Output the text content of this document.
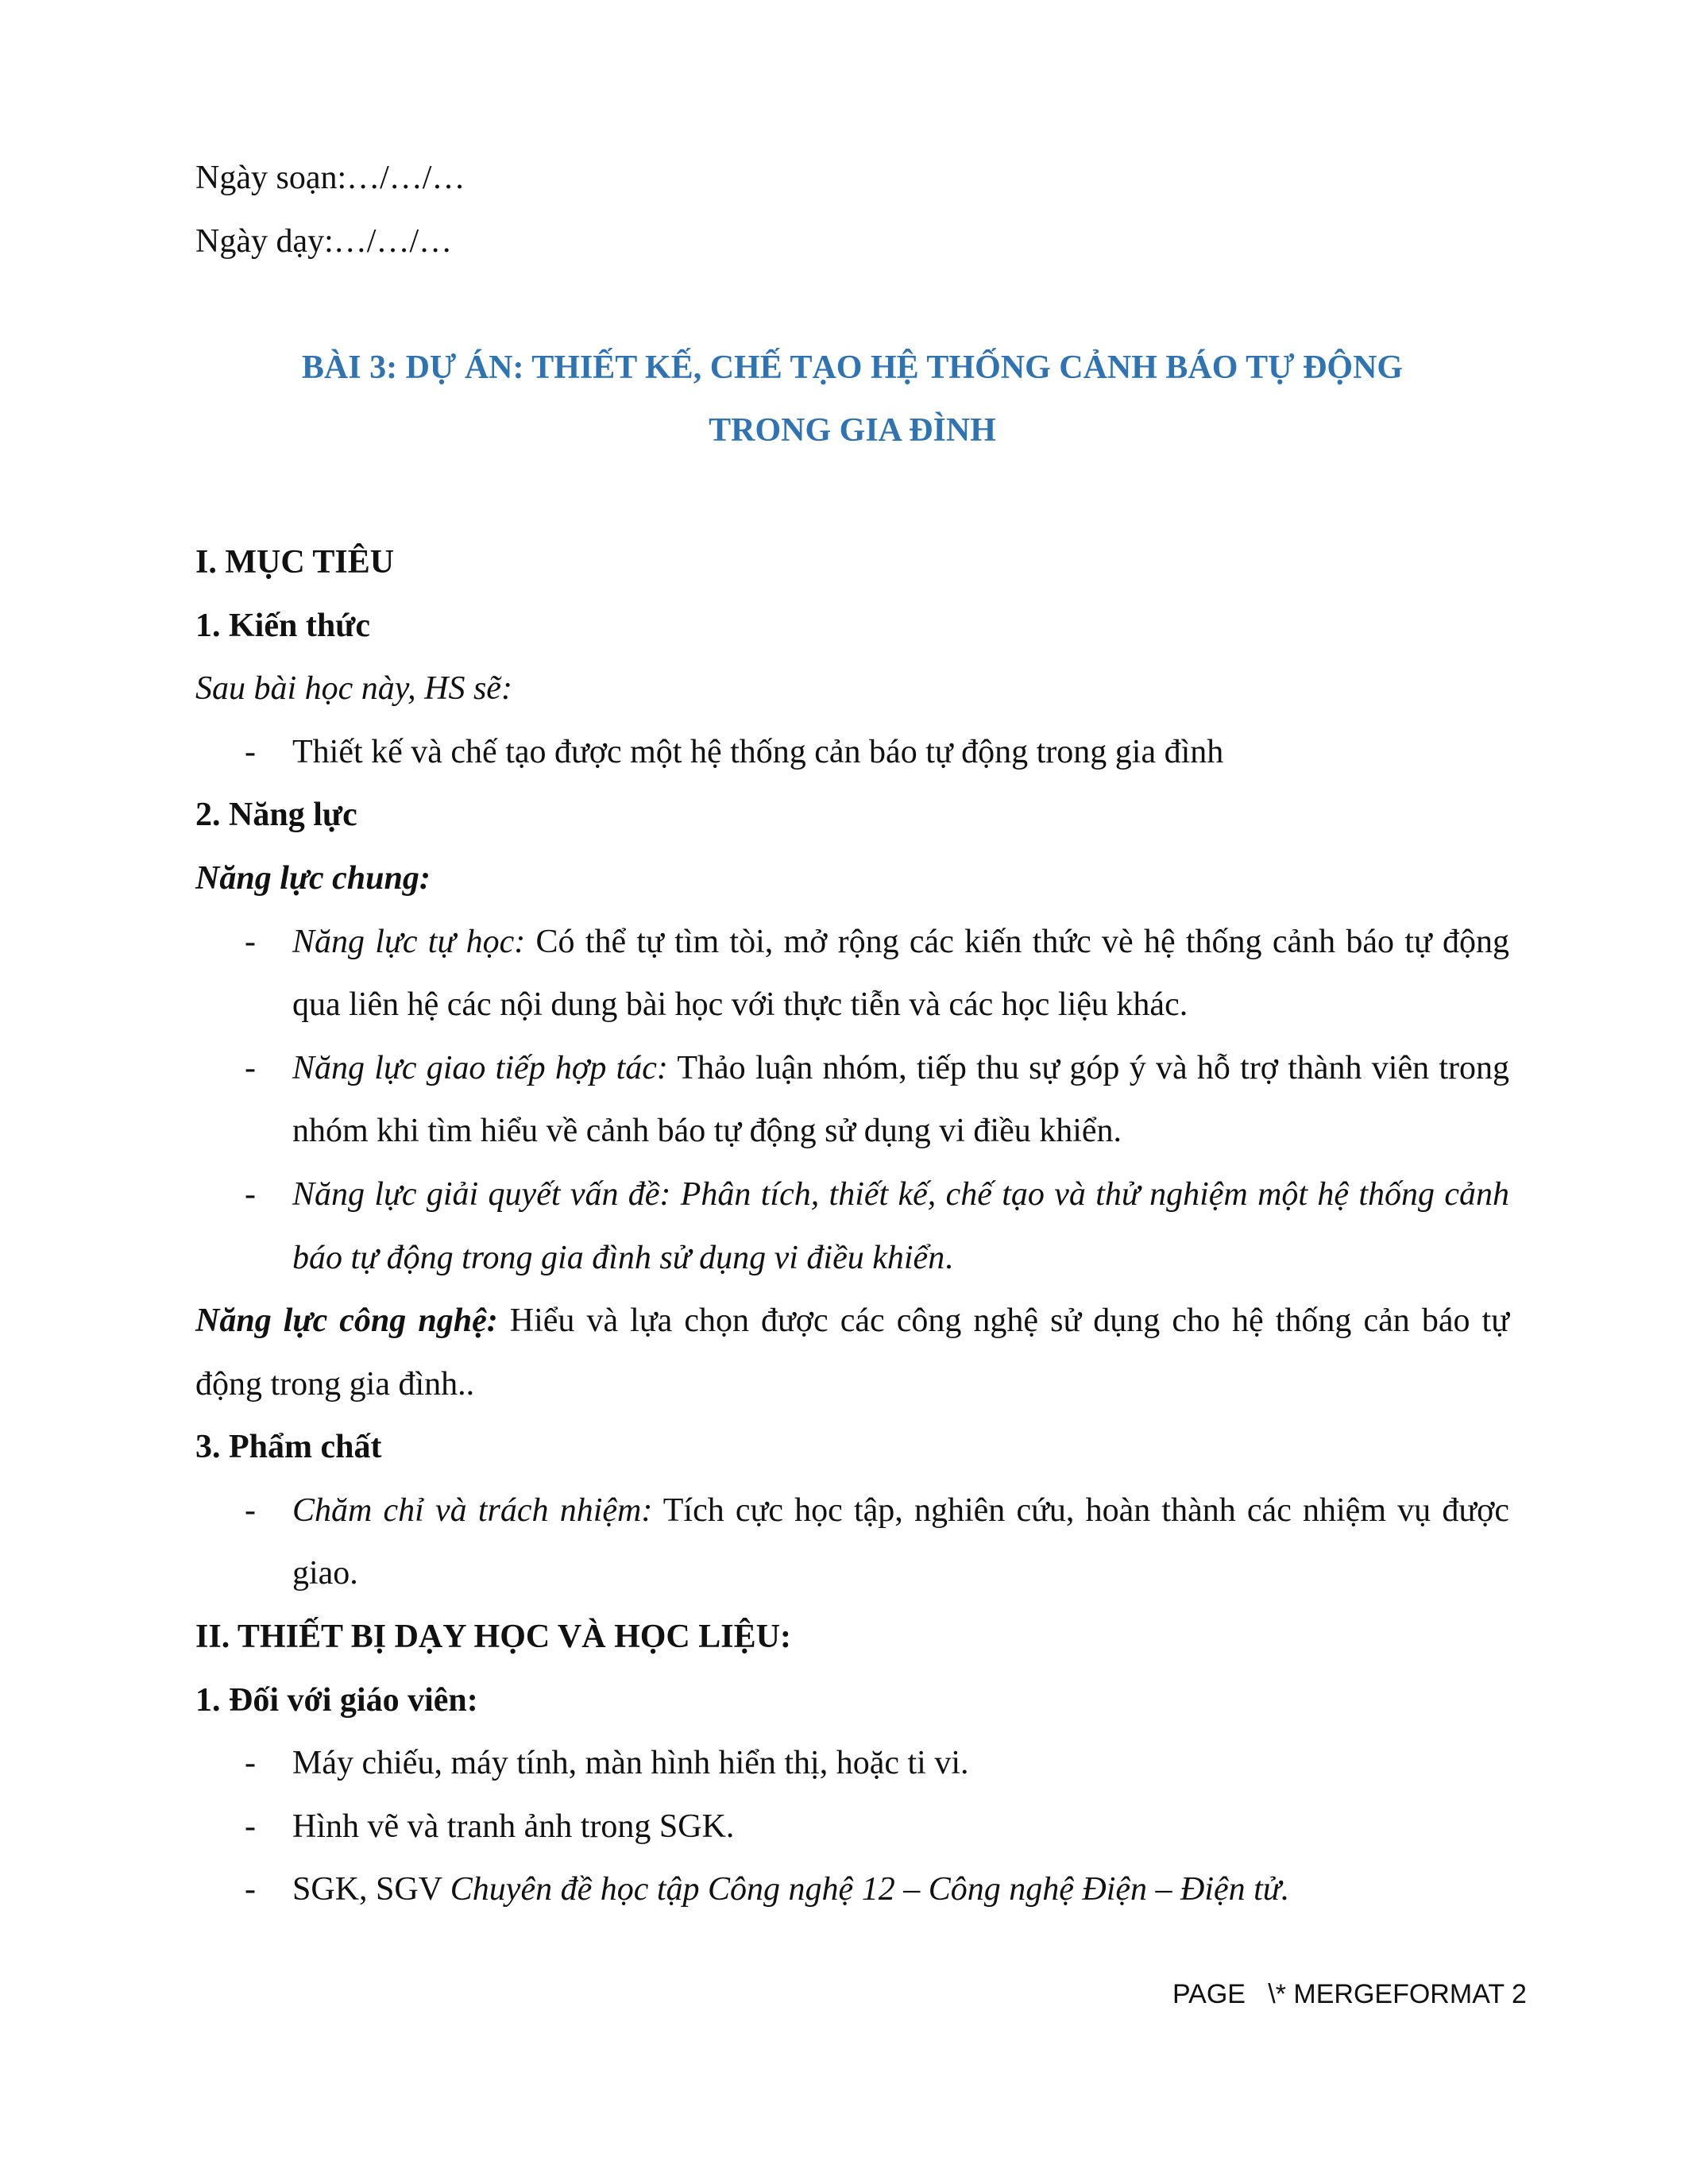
Ngày soạn:…/…/…

Ngày dạy:…/…/…

BÀI 3: DỰ ÁN: THIẾT KẾ, CHẾ TẠO HỆ THỐNG CẢNH BÁO TỰ ĐỘNG

TRONG GIA ĐÌNH

I. MỤC TIÊU

1. Kiến thức

Sau bài học này, HS sẽ:

- Thiết kế và chế tạo được một hệ thống cản báo tự động trong gia đình

2. Năng lực

Năng lực chung:

- Năng lực tự học: Có thể tự tìm tòi, mở rộng các kiến thức vè hệ thống cảnh báo tự động qua liên hệ các nội dung bài học với thực tiễn và các học liệu khác.

- Năng lực giao tiếp hợp tác: Thảo luận nhóm, tiếp thu sự góp ý và hỗ trợ thành viên trong nhóm khi tìm hiểu về cảnh báo tự động sử dụng vi điều khiển.

- Năng lực giải quyết vấn đề: Phân tích, thiết kế, chế tạo và thử nghiệm một hệ thống cảnh báo tự động trong gia đình sử dụng vi điều khiển.

Năng lực công nghệ: Hiểu và lựa chọn được các công nghệ sử dụng cho hệ thống cản báo tự động trong gia đình..

3. Phẩm chất

- Chăm chỉ và trách nhiệm: Tích cực học tập, nghiên cứu, hoàn thành các nhiệm vụ được giao.

II. THIẾT BỊ DẠY HỌC VÀ HỌC LIỆU:

1. Đối với giáo viên:

- Máy chiếu, máy tính, màn hình hiển thị, hoặc ti vi.

- Hình vẽ và tranh ảnh trong SGK.

- SGK, SGV Chuyên đề học tập Công nghệ 12 – Công nghệ Điện – Điện tử.

PAGE   \* MERGEFORMAT 2
